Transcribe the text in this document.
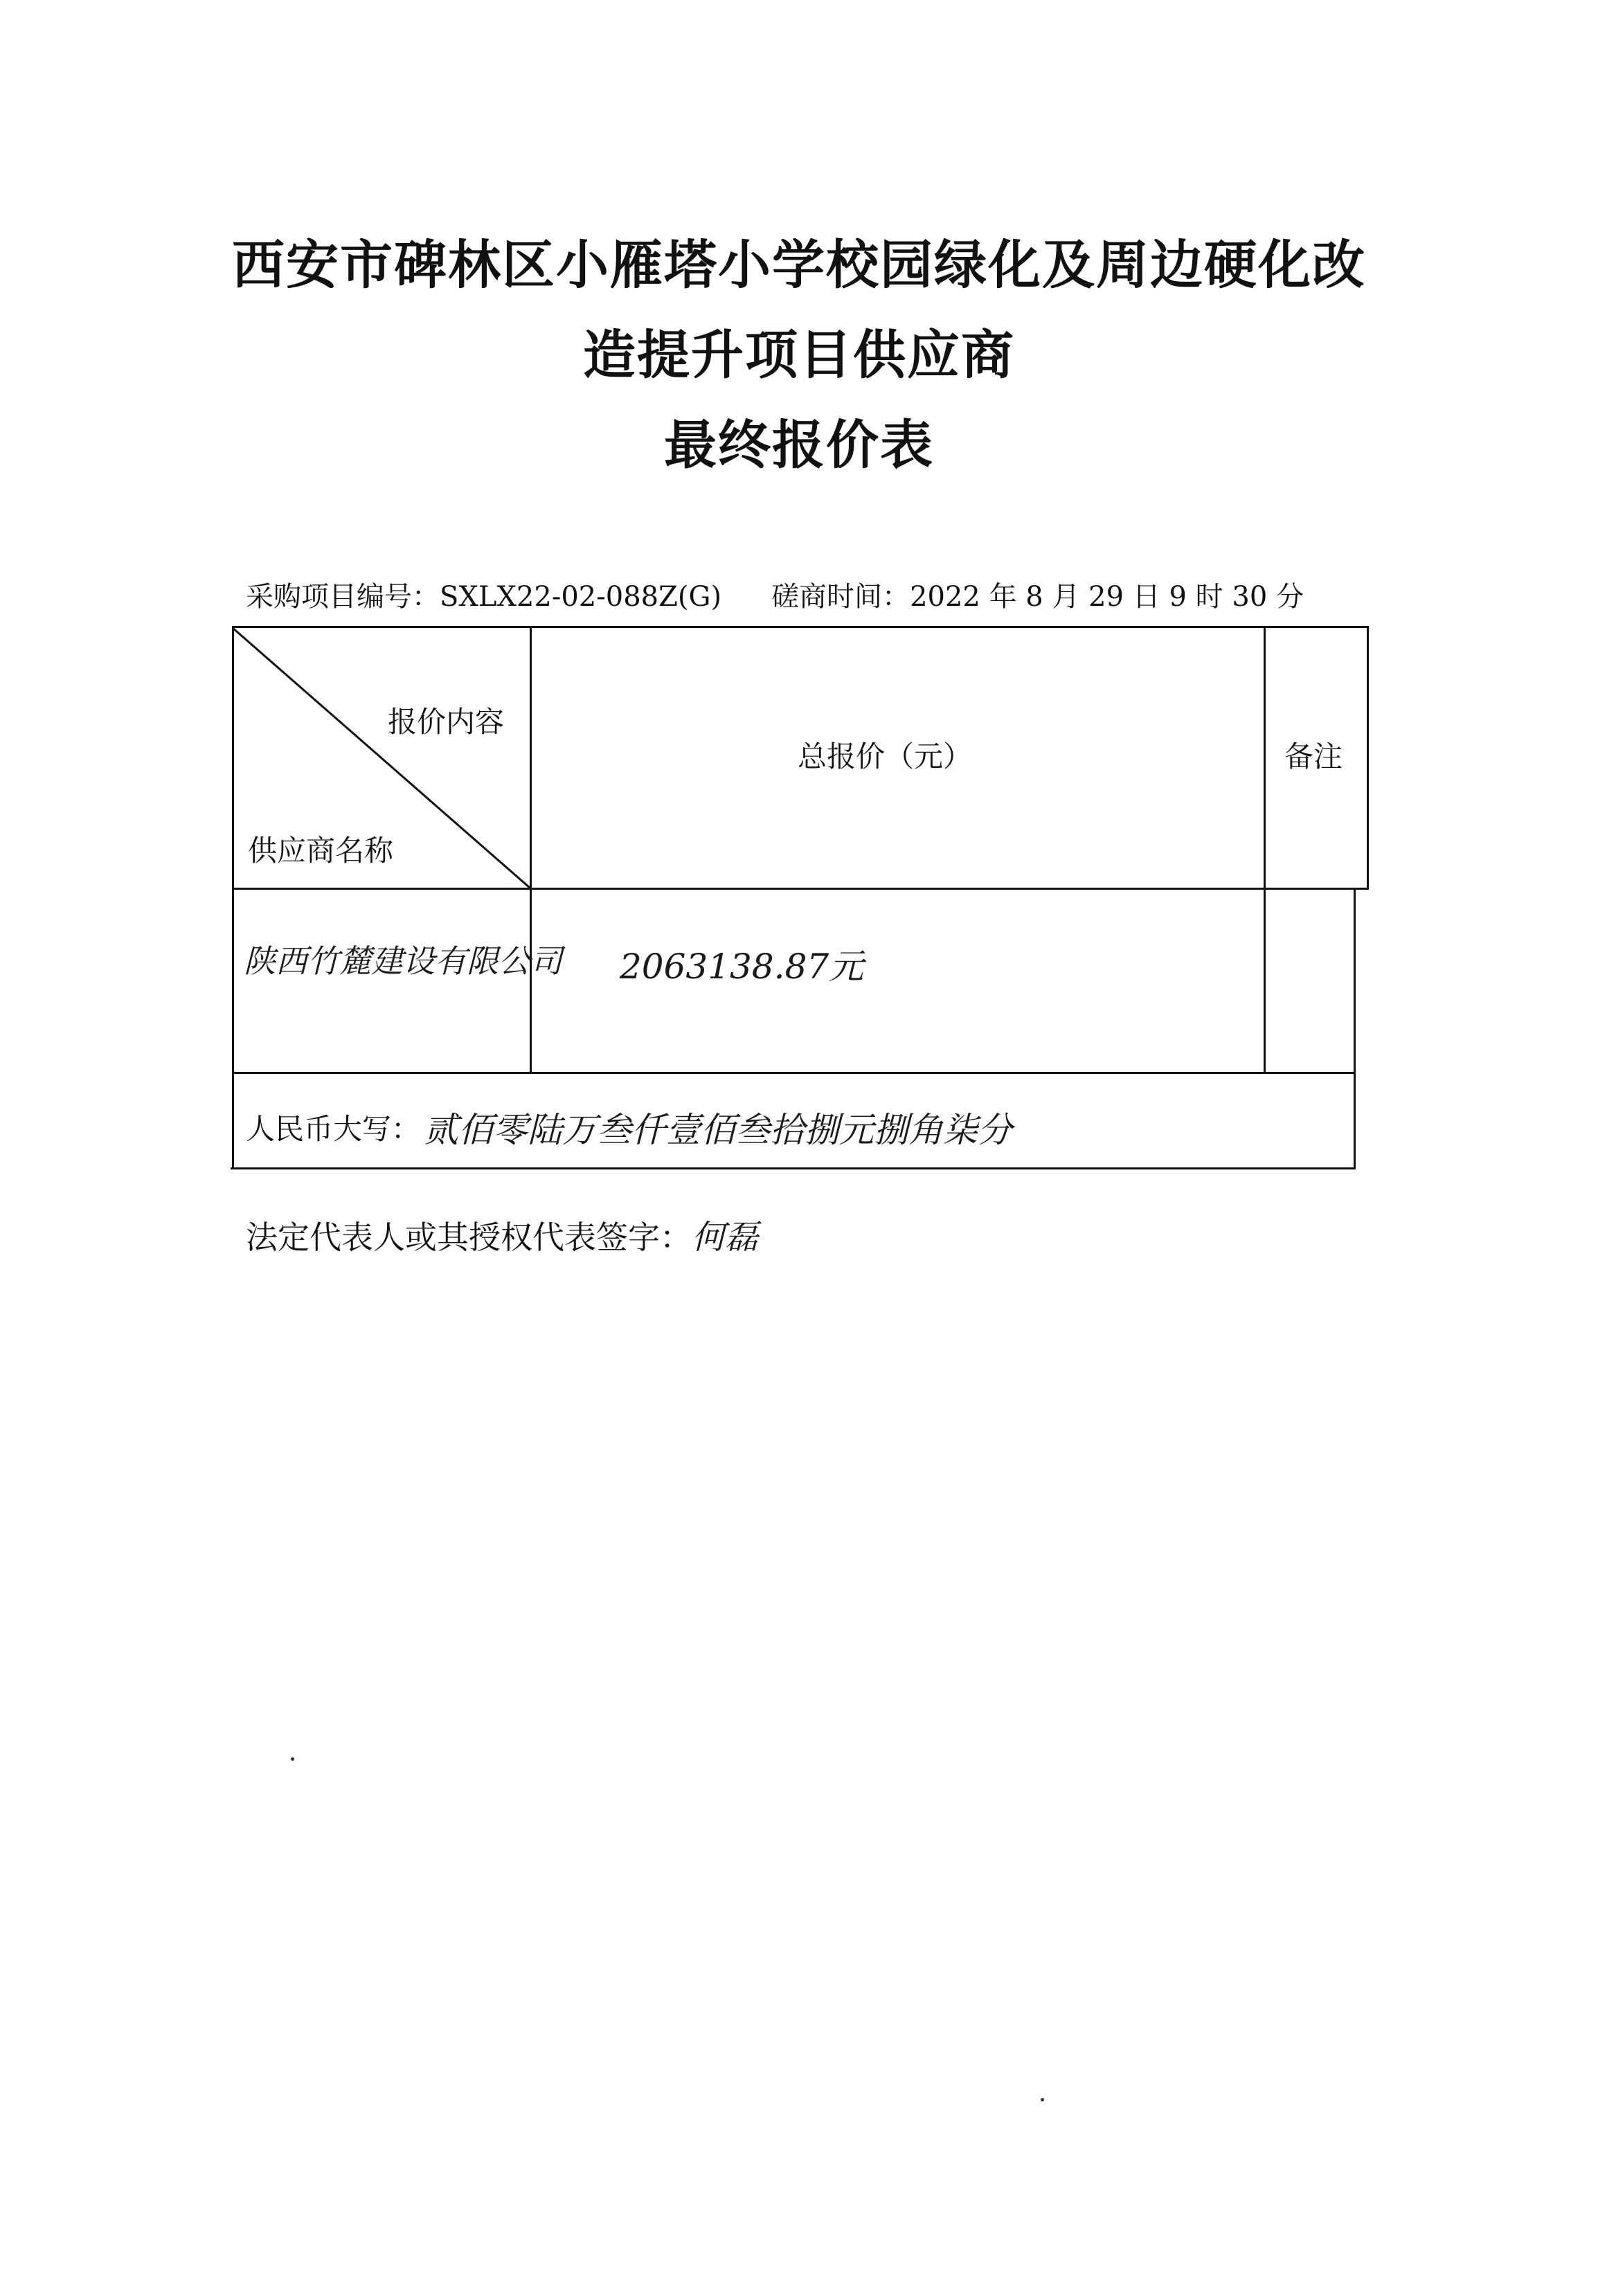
西安市碑林区小雁塔小学校园绿化及周边硬化改
造提升项目供应商
最终报价表
采购项目编号：SXLX22-02-088Z(G) 磋商时间：2022 年 8 月 29 日 9 时 30 分
报价内容
供应商名称
总报价（元）	备注
陕西竹麓建设有限公司 2063138.87元
人民币大写： 贰佰零陆万叁仟壹佰叁拾捌元捌角柒分
法定代表人或其授权代表签字：何磊
